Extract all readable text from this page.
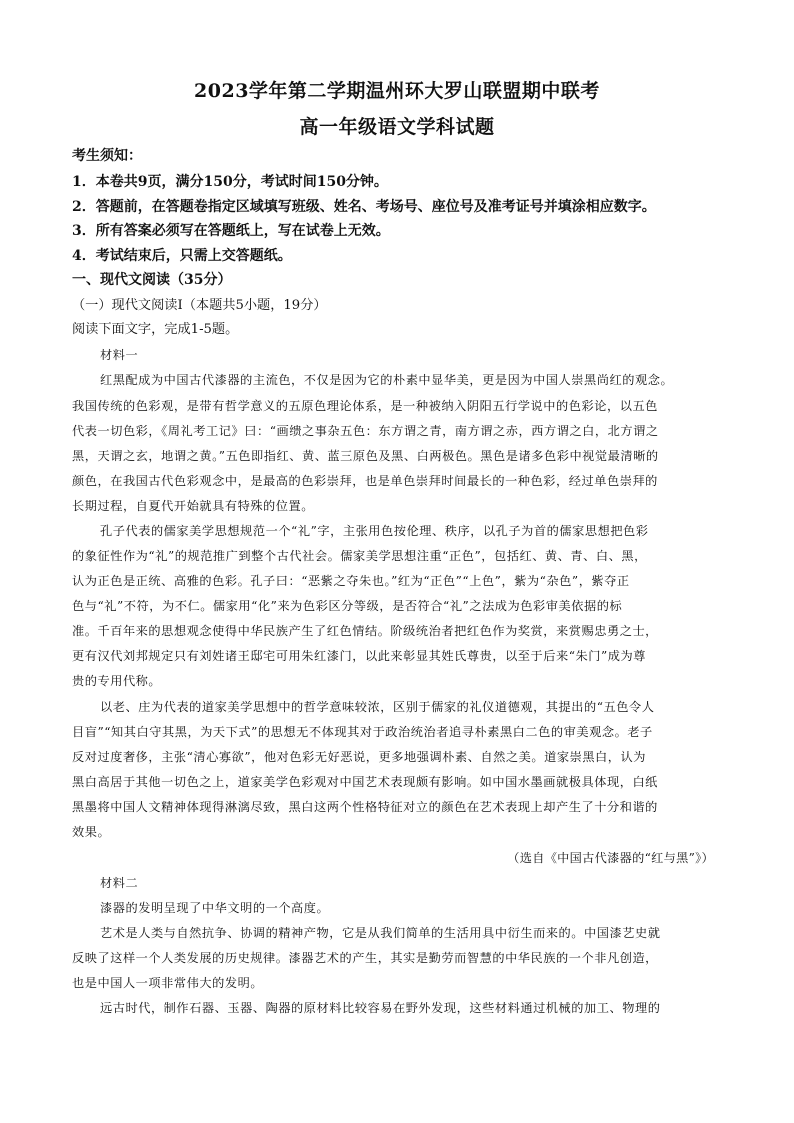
2023学年第二学期温州环大罗山联盟期中联考
高一年级语文学科试题
考生须知：
1．本卷共9页，满分150分，考试时间150分钟。
2．答题前，在答题卷指定区域填写班级、姓名、考场号、座位号及准考证号并填涂相应数字。
3．所有答案必须写在答题纸上，写在试卷上无效。
4．考试结束后，只需上交答题纸。
一、现代文阅读（35分）
（一）现代文阅读Ⅰ（本题共5小题，19分）
阅读下面文字，完成1-5题。
材料一
红黑配成为中国古代漆器的主流色，不仅是因为它的朴素中显华美，更是因为中国人崇黑尚红的观念。
我国传统的色彩观，是带有哲学意义的五原色理论体系，是一种被纳入阴阳五行学说中的色彩论，以五色
代表一切色彩，《周礼考工记》曰：“画缋之事杂五色：东方谓之青，南方谓之赤，西方谓之白，北方谓之
黑，天谓之玄，地谓之黄。”五色即指红、黄、蓝三原色及黑、白两极色。黑色是诸多色彩中视觉最清晰的
颜色，在我国古代色彩观念中，是最高的色彩崇拜，也是单色崇拜时间最长的一种色彩，经过单色崇拜的
长期过程，自夏代开始就具有特殊的位置。
孔子代表的儒家美学思想规范一个“礼”字，主张用色按伦理、秩序，以孔子为首的儒家思想把色彩
的象征性作为“礼”的规范推广到整个古代社会。儒家美学思想注重“正色”，包括红、黄、青、白、黑，
认为正色是正统、高雅的色彩。孔子曰：“恶紫之夺朱也。”红为“正色”“上色”，紫为“杂色”，紫夺正
色与“礼”不符，为不仁。儒家用“化”来为色彩区分等级，是否符合“礼”之法成为色彩审美依据的标
准。千百年来的思想观念使得中华民族产生了红色情结。阶级统治者把红色作为奖赏，来赏赐忠勇之士，
更有汉代刘邦规定只有刘姓诸王邸宅可用朱红漆门，以此来彰显其姓氏尊贵，以至于后来“朱门”成为尊
贵的专用代称。
以老、庄为代表的道家美学思想中的哲学意味较浓，区别于儒家的礼仪道德观，其提出的“五色令人
目盲”“知其白守其黑，为天下式”的思想无不体现其对于政治统治者追寻朴素黑白二色的审美观念。老子
反对过度奢侈，主张“清心寡欲”，他对色彩无好恶说，更多地强调朴素、自然之美。道家崇黑白，认为
黑白高居于其他一切色之上，道家美学色彩观对中国艺术表现颇有影响。如中国水墨画就极具体现，白纸
黑墨将中国人文精神体现得淋漓尽致，黑白这两个性格特征对立的颜色在艺术表现上却产生了十分和谐的
效果。
（选自《中国古代漆器的“红与黑”》）
材料二
漆器的发明呈现了中华文明的一个高度。
艺术是人类与自然抗争、协调的精神产物，它是从我们简单的生活用具中衍生而来的。中国漆艺史就
反映了这样一个人类发展的历史规律。漆器艺术的产生，其实是勤劳而智慧的中华民族的一个非凡创造，
也是中国人一项非常伟大的发明。
远古时代，制作石器、玉器、陶器的原材料比较容易在野外发现，这些材料通过机械的加工、物理的
